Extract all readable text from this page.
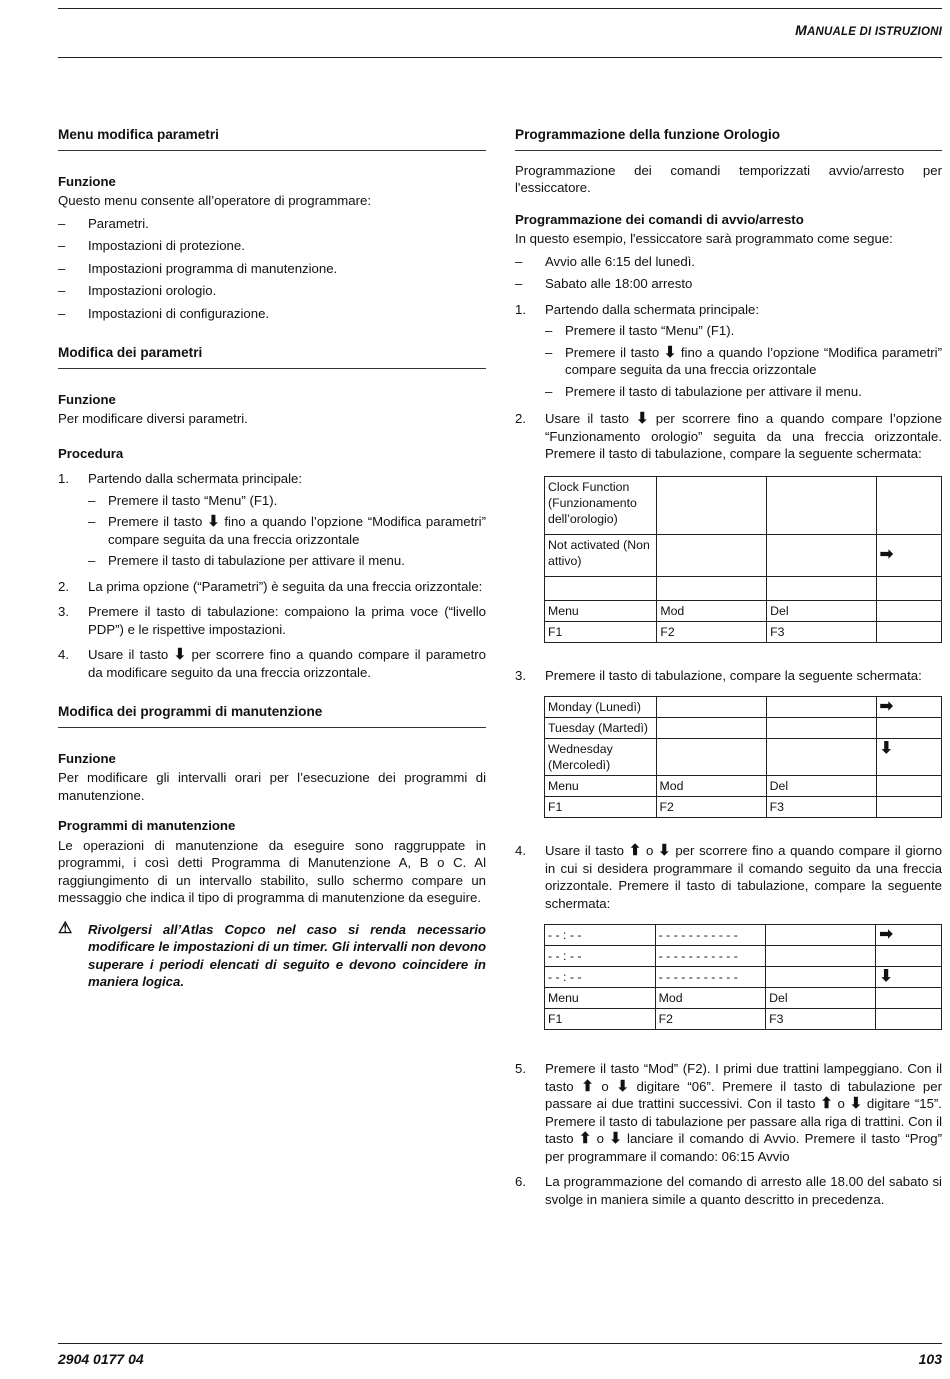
MANUALE DI ISTRUZIONI
Menu modifica parametri
Funzione

Questo menu consente all’operatore di programmare:

– Parametri.
– Impostazioni di protezione.
– Impostazioni programma di manutenzione.
– Impostazioni orologio.
– Impostazioni di configurazione.
Modifica dei parametri
Funzione

Per modificare diversi parametri.

Procedura
1. Partendo dalla schermata principale:
– Premere il tasto “Menu” (F1).
– Premere il tasto ⬇ fino a quando l’opzione “Modifica parametri” compare seguita da una freccia orizzontale
– Premere il tasto di tabulazione per attivare il menu.
2. La prima opzione (“Parametri”) è seguita da una freccia orizzontale:
3. Premere il tasto di tabulazione: compaiono la prima voce (“livello PDP”) e le rispettive impostazioni.
4. Usare il tasto ⬇ per scorrere fino a quando compare il parametro da modificare seguito da una freccia orizzontale.
Modifica dei programmi di manutenzione
Funzione

Per modificare gli intervalli orari per l’esecuzione dei programmi di manutenzione.

Programmi di manutenzione

Le operazioni di manutenzione da eseguire sono raggruppate in programmi, i così detti Programma di Manutenzione A, B o C. Al raggiungimento di un intervallo stabilito, sullo schermo compare un messaggio che indica il tipo di programma di manutenzione da eseguire.

⚠ Rivolgersi all’Atlas Copco nel caso si renda necessario modificare le impostazioni di un timer. Gli intervalli non devono superare i periodi elencati di seguito e devono coincidere in maniera logica.
Programmazione della funzione Orologio

Programmazione dei comandi temporizzati avvio/arresto per l'essiccatore.

Programmazione dei comandi di avvio/arresto

In questo esempio, l'essiccatore sarà programmato come segue:

– Avvio alle 6:15 del lunedì.
– Sabato alle 18:00 arresto
1. Partendo dalla schermata principale:
– Premere il tasto “Menu” (F1).
– Premere il tasto ⬇ fino a quando l’opzione “Modifica parametri” compare seguita da una freccia orizzontale
– Premere il tasto di tabulazione per attivare il menu.
2. Usare il tasto ⬇ per scorrere fino a quando compare l’opzione “Funzionamento orologio” seguita da una freccia orizzontale. Premere il tasto di tabulazione, compare la seguente schermata:
Clock Function (Funzionamento dell’orologio)			
Not activated (Non attivo)			➡

Menu	Mod	Del	
F1	F2	F3	
3. Premere il tasto di tabulazione, compare la seguente schermata:
Monday (Lunedì)			➡
Tuesday (Martedì)			
Wednesday (Mercoledì)			⬇
Menu	Mod	Del	
F1	F2	F3	
4. Usare il tasto ⬆ o ⬇ per scorrere fino a quando compare il giorno in cui si desidera programmare il comando seguito da una freccia orizzontale. Premere il tasto di tabulazione, compare la seguente schermata:
- - : - -	- - - - - - - - - - -		➡
- - : - -	- - - - - - - - - - -		
- - : - -	- - - - - - - - - - -		⬇
Menu	Mod	Del	
F1	F2	F3	
5. Premere il tasto “Mod” (F2). I primi due trattini lampeggiano. Con il tasto ⬆ o ⬇ digitare “06”. Premere il tasto di tabulazione per passare ai due trattini successivi. Con il tasto ⬆ o ⬇ digitare “15”. Premere il tasto di tabulazione per passare alla riga di trattini. Con il tasto ⬆ o ⬇ lanciare il comando di Avvio. Premere il tasto “Prog” per programmare il comando: 06:15 Avvio
6. La programmazione del comando di arresto alle 18.00 del sabato si svolge in maniera simile a quanto descritto in precedenza.
2904 0177 04	103
